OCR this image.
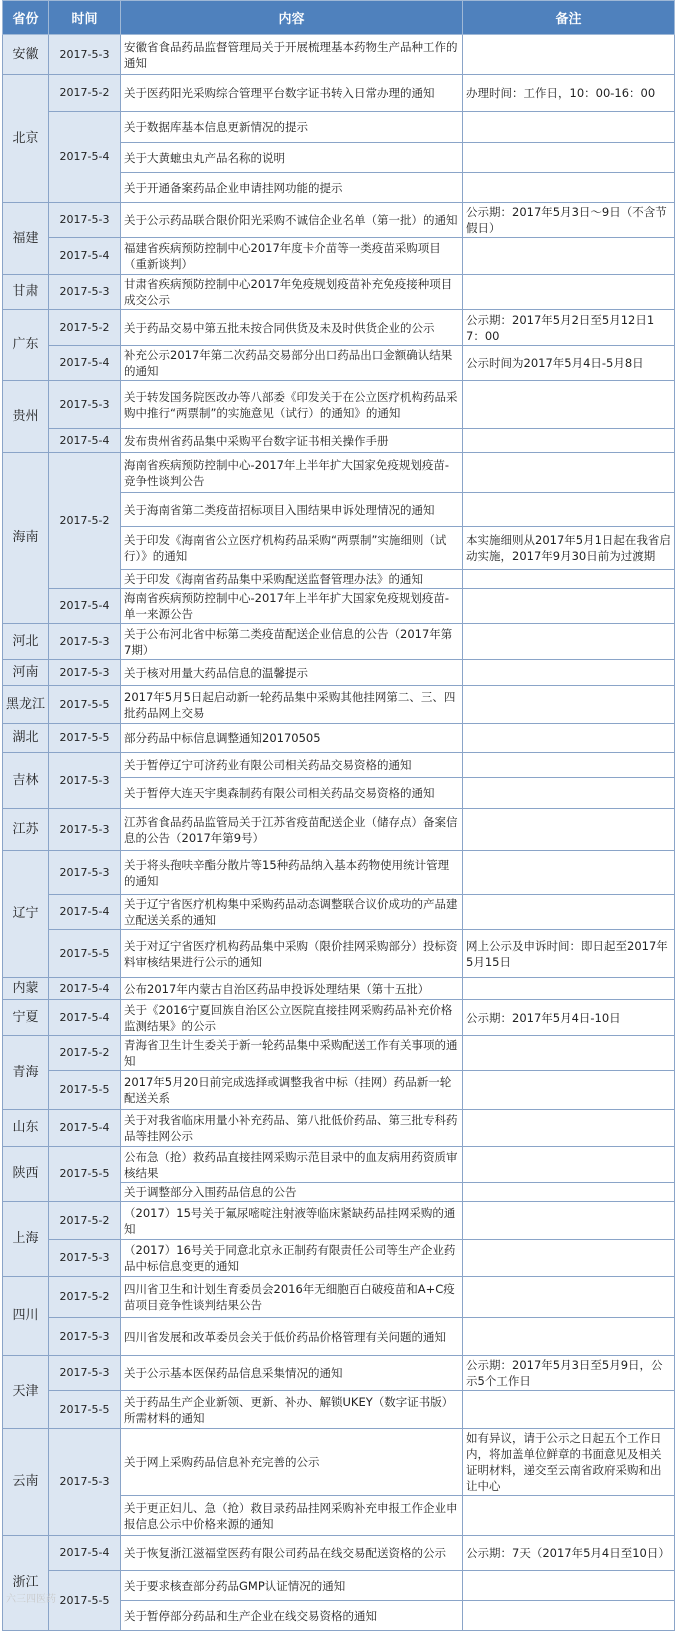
省份	时间	内容	备注
安徽	2017-5-3	安徽省食品药品监督管理局关于开展梳理基本药物生产品种工作的通知	
北京	2017-5-2	关于医药阳光采购综合管理平台数字证书转入日常办理的通知	办理时间：工作日，10：00-16：00
	2017-5-4	关于数据库基本信息更新情况的提示	
		关于大黄蟅虫丸产品名称的说明	
		关于开通备案药品企业申请挂网功能的提示	
福建	2017-5-3	关于公示药品联合限价阳光采购不诚信企业名单（第一批）的通知	公示期：2017年5月3日～9日（不含节假日）
	2017-5-4	福建省疾病预防控制中心2017年度卡介苗等一类疫苗采购项目（重新谈判）	
甘肃	2017-5-3	甘肃省疾病预防控制中心2017年免疫规划疫苗补充免疫接种项目成交公示	
广东	2017-5-2	关于药品交易中第五批未按合同供货及未及时供货企业的公示	公示期：2017年5月2日至5月12日17：00
	2017-5-4	补充公示2017年第二次药品交易部分出口药品出口金额确认结果的通知	公示时间为2017年5月4日-5月8日
贵州	2017-5-3	关于转发国务院医改办等八部委《印发关于在公立医疗机构药品采购中推行“两票制”的实施意见（试行）的通知》的通知	
	2017-5-4	发布贵州省药品集中采购平台数字证书相关操作手册	
海南	2017-5-2	海南省疾病预防控制中心-2017年上半年扩大国家免疫规划疫苗-竞争性谈判公告	
		关于海南省第二类疫苗招标项目入围结果申诉处理情况的通知	
		关于印发《海南省公立医疗机构药品采购“两票制”实施细则（试行）》的通知	本实施细则从2017年5月1日起在我省启动实施，2017年9月30日前为过渡期
		关于印发《海南省药品集中采购配送监督管理办法》的通知	
	2017-5-4	海南省疾病预防控制中心-2017年上半年扩大国家免疫规划疫苗-单一来源公告	
河北	2017-5-3	关于公布河北省中标第二类疫苗配送企业信息的公告（2017年第7期）	
河南	2017-5-3	关于核对用量大药品信息的温馨提示	
黑龙江	2017-5-5	2017年5月5日起启动新一轮药品集中采购其他挂网第二、三、四批药品网上交易	
湖北	2017-5-5	部分药品中标信息调整通知20170505	
吉林	2017-5-3	关于暂停辽宁可济药业有限公司相关药品交易资格的通知	
		关于暂停大连天宇奥森制药有限公司相关药品交易资格的通知	
江苏	2017-5-3	江苏省食品药品监管局关于江苏省疫苗配送企业（储存点）备案信息的公告（2017年第9号）	
辽宁	2017-5-3	关于将头孢呋辛酯分散片等15种药品纳入基本药物使用统计管理的通知	
	2017-5-4	关于辽宁省医疗机构集中采购药品动态调整联合议价成功的产品建立配送关系的通知	
	2017-5-5	关于对辽宁省医疗机构药品集中采购（限价挂网采购部分）投标资料审核结果进行公示的通知	网上公示及申诉时间：即日起至2017年5月15日
内蒙	2017-5-4	公布2017年内蒙古自治区药品申投诉处理结果（第十五批）	
宁夏	2017-5-4	关于《2016宁夏回族自治区公立医院直接挂网采购药品补充价格监测结果》的公示	公示期：2017年5月4日-10日
青海	2017-5-2	青海省卫生计生委关于新一轮药品集中采购配送工作有关事项的通知	
	2017-5-5	2017年5月20日前完成选择或调整我省中标（挂网）药品新一轮配送关系	
山东	2017-5-4	关于对我省临床用量小补充药品、第八批低价药品、第三批专科药品等挂网公示	
陕西	2017-5-5	公布急（抢）救药品直接挂网采购示范目录中的血友病用药资质审核结果	
		关于调整部分入围药品信息的公告	
上海	2017-5-2	（2017）15号关于氟尿嘧啶注射液等临床紧缺药品挂网采购的通知	
	2017-5-3	（2017）16号关于同意北京永正制药有限责任公司等生产企业药品中标信息变更的通知	
四川	2017-5-2	四川省卫生和计划生育委员会2016年无细胞百白破疫苗和A+C疫苗项目竞争性谈判结果公告	
	2017-5-3	四川省发展和改革委员会关于低价药品价格管理有关问题的通知	
天津	2017-5-3	关于公示基本医保药品信息采集情况的通知	公示期：2017年5月3日至5月9日，公示5个工作日
	2017-5-5	关于药品生产企业新领、更新、补办、解锁UKEY（数字证书版）所需材料的通知	
云南	2017-5-3	关于网上采购药品信息补充完善的公示	如有异议，请于公示之日起五个工作日内，将加盖单位鲜章的书面意见及相关证明材料，递交至云南省政府采购和出让中心
		关于更正妇儿、急（抢）救目录药品挂网采购补充申报工作企业申报信息公示中价格来源的通知	
浙江	2017-5-4	关于恢复浙江滋福堂医药有限公司药品在线交易配送资格的公示	公示期：7天（2017年5月4日至10日）
	2017-5-5	关于要求核查部分药品GMP认证情况的通知	
		关于暂停部分药品和生产企业在线交易资格的通知	
六三四医药
